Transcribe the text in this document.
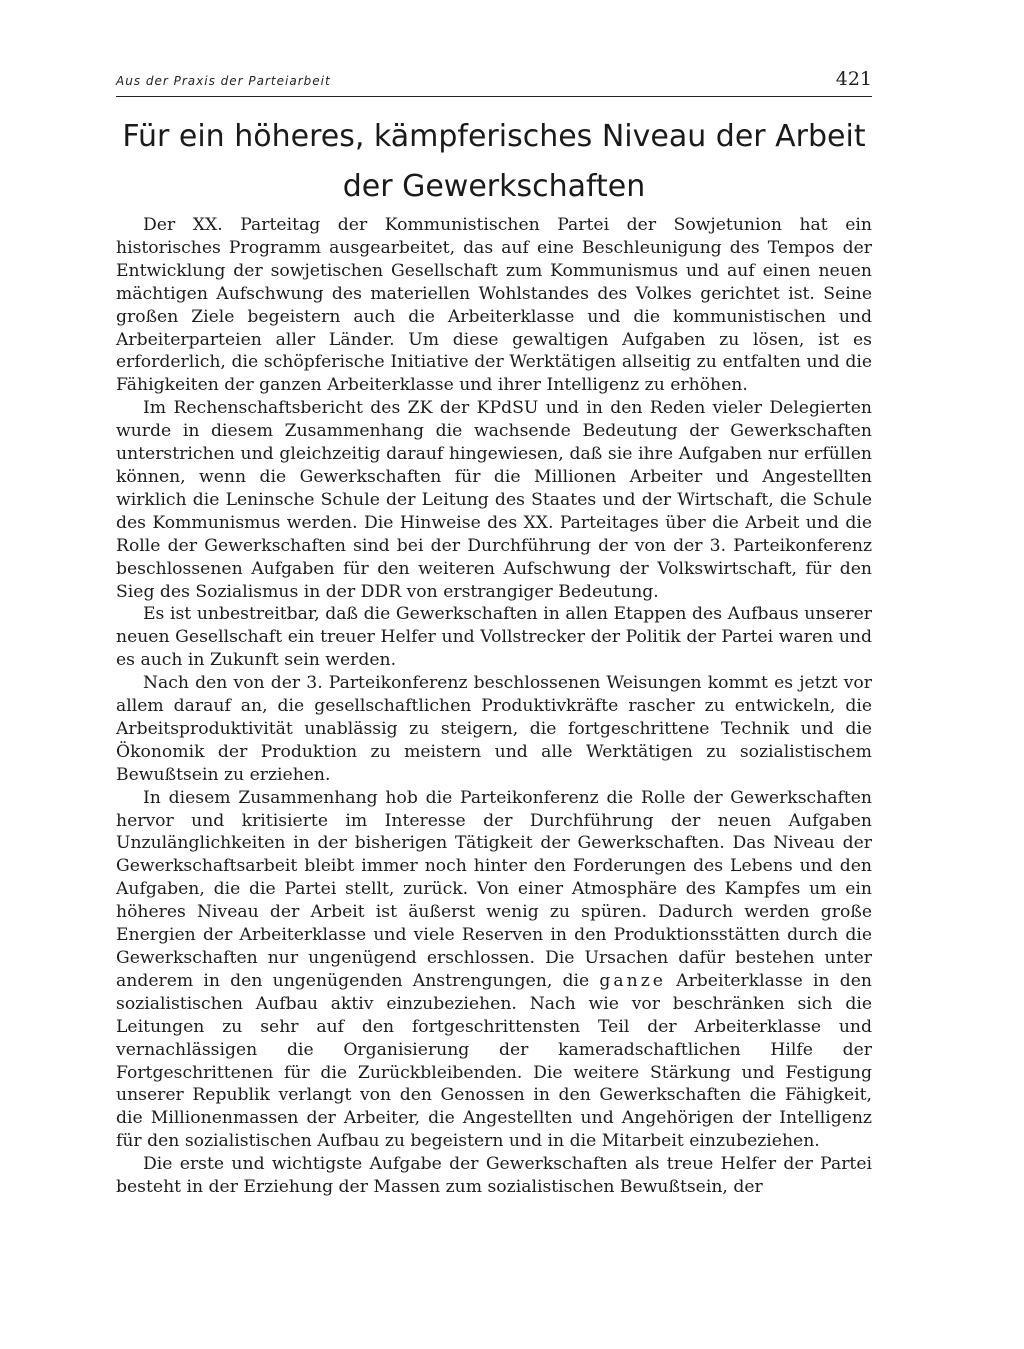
Aus der Praxis der Parteiarbeit	421
Für ein höheres, kämpferisches Niveau der Arbeit
der Gewerkschaften

Der XX. Parteitag der Kommunistischen Partei der Sowjetunion hat ein historisches Programm ausgearbeitet, das auf eine Beschleunigung des Tempos der Entwicklung der sowjetischen Gesellschaft zum Kommunismus und auf einen neuen mächtigen Aufschwung des materiellen Wohlstandes des Volkes gerichtet ist. Seine großen Ziele begeistern auch die Arbeiterklasse und die kommunistischen und Arbeiterparteien aller Länder. Um diese gewaltigen Aufgaben zu lösen, ist es erforderlich, die schöpferische Initiative der Werktätigen allseitig zu entfalten und die Fähigkeiten der ganzen Arbeiterklasse und ihrer Intelligenz zu erhöhen.

Im Rechenschaftsbericht des ZK der KPdSU und in den Reden vieler Delegierten wurde in diesem Zusammenhang die wachsende Bedeutung der Gewerkschaften unterstrichen und gleichzeitig darauf hingewiesen, daß sie ihre Aufgaben nur erfüllen können, wenn die Gewerkschaften für die Millionen Arbeiter und Angestellten wirklich die Leninsche Schule der Leitung des Staates und der Wirtschaft, die Schule des Kommunismus werden. Die Hinweise des XX. Parteitages über die Arbeit und die Rolle der Gewerkschaften sind bei der Durchführung der von der 3. Parteikonferenz beschlossenen Aufgaben für den weiteren Aufschwung der Volkswirtschaft, für den Sieg des Sozialismus in der DDR von erstrangiger Bedeutung.

Es ist unbestreitbar, daß die Gewerkschaften in allen Etappen des Aufbaus unserer neuen Gesellschaft ein treuer Helfer und Vollstrecker der Politik der Partei waren und es auch in Zukunft sein werden.

Nach den von der 3. Parteikonferenz beschlossenen Weisungen kommt es jetzt vor allem darauf an, die gesellschaftlichen Produktivkräfte rascher zu entwickeln, die Arbeitsproduktivität unablässig zu steigern, die fortgeschrittene Technik und die Ökonomik der Produktion zu meistern und alle Werktätigen zu sozialistischem Bewußtsein zu erziehen.

In diesem Zusammenhang hob die Parteikonferenz die Rolle der Gewerkschaften hervor und kritisierte im Interesse der Durchführung der neuen Aufgaben Unzulänglichkeiten in der bisherigen Tätigkeit der Gewerkschaften. Das Niveau der Gewerkschaftsarbeit bleibt immer noch hinter den Forderungen des Lebens und den Aufgaben, die die Partei stellt, zurück. Von einer Atmosphäre des Kampfes um ein höheres Niveau der Arbeit ist äußerst wenig zu spüren. Dadurch werden große Energien der Arbeiterklasse und viele Reserven in den Produktionsstätten durch die Gewerkschaften nur ungenügend erschlossen. Die Ursachen dafür bestehen unter anderem in den ungenügenden Anstrengungen, die ganze Arbeiterklasse in den sozialistischen Aufbau aktiv einzubeziehen. Nach wie vor beschränken sich die Leitungen zu sehr auf den fortgeschrittensten Teil der Arbeiterklasse und vernachlässigen die Organisierung der kameradschaftlichen Hilfe der Fortgeschrittenen für die Zurückbleibenden. Die weitere Stärkung und Festigung unserer Republik verlangt von den Genossen in den Gewerkschaften die Fähigkeit, die Millionenmassen der Arbeiter, die Angestellten und Angehörigen der Intelligenz für den sozialistischen Aufbau zu begeistern und in die Mitarbeit einzubeziehen.

Die erste und wichtigste Aufgabe der Gewerkschaften als treue Helfer der Partei besteht in der Erziehung der Massen zum sozialistischen Bewußtsein, der
